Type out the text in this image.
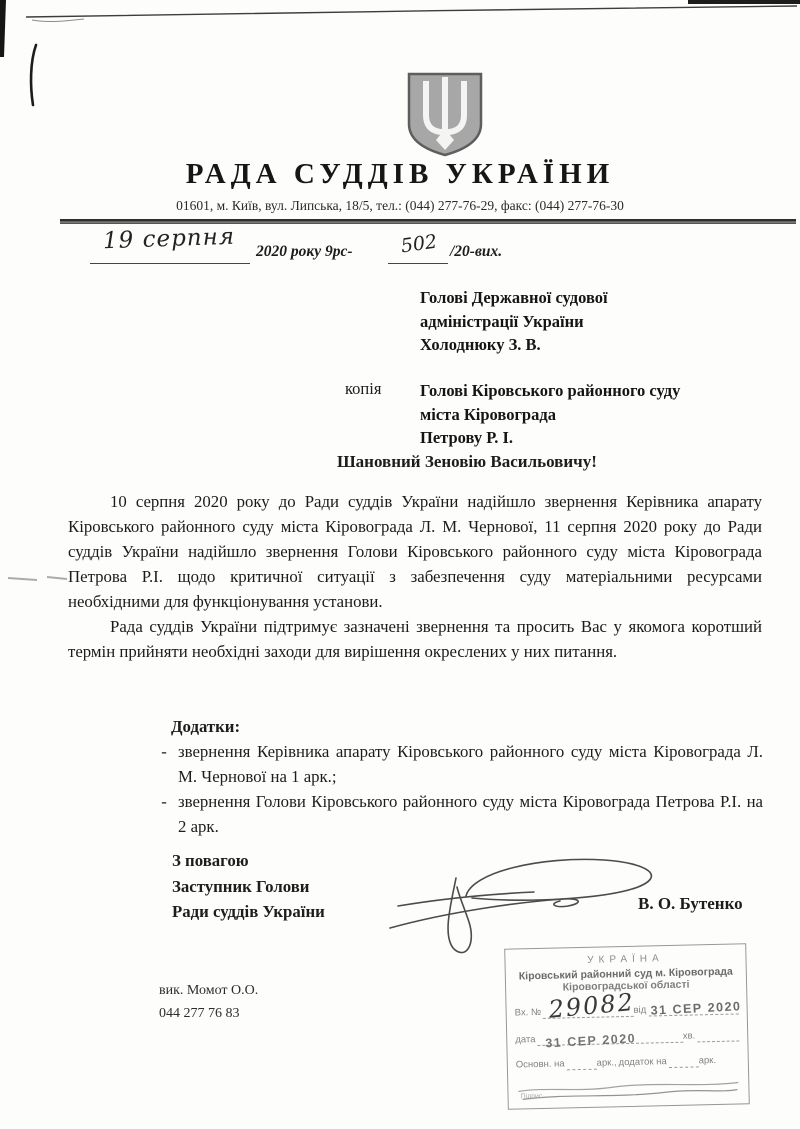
РАДА СУДДІВ УКРАЇНИ
01601, м. Київ, вул. Липська, 18/5, тел.: (044) 277-76-29, факс: (044) 277-76-30
19 серпня	2020 року 9рс-	502 /20-вих.
Голові Державної судової
адміністрації України
Холоднюку З. В.
копія Голові Кіровського районного суду
міста Кіровограда
Петрову Р. І.
Шановний Зеновію Васильовичу!

10 серпня 2020 року до Ради суддів України надійшло звернення Керівника апарату Кіровського районного суду міста Кіровограда Л. М. Чернової, 11 серпня 2020 року до Ради суддів України надійшло звернення Голови Кіровського районного суду міста Кіровограда Петрова Р.І. щодо критичної ситуації з забезпечення суду матеріальними ресурсами необхідними для функціонування установи.

Рада суддів України підтримує зазначені звернення та просить Вас у якомога коротший термін прийняти необхідні заходи для вирішення окреслених у них питання.

Додатки:
- звернення Керівника апарату Кіровського районного суду міста Кіровограда Л. М. Чернової на 1 арк.;
- звернення Голови Кіровського районного суду міста Кіровограда Петрова Р.І. на 2 арк.
З повагою
Заступник Голови
Ради суддів України	В. О. Бутенко
вик. Момот О.О.
044 277 76 83
УКРАЇНА
Кіровський районний суд м. Кіровограда
Кіровоградської області
Вх. № 29082
від 31 СЕР 2020
дата 31 СЕР 2020	хв.
Основн. на	арк., додаток на	арк.
Підпис
